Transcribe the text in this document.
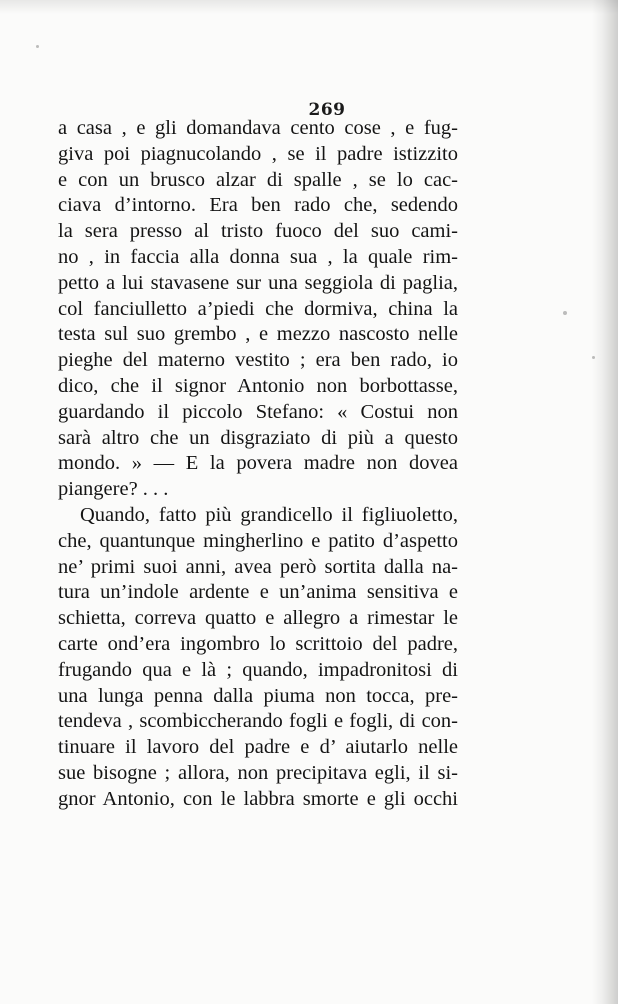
269
a casa , e gli domandava cento cose , e fug-
giva poi piagnucolando , se il padre istizzito
e con un brusco alzar di spalle , se lo cac-
ciava d’intorno. Era ben rado che, sedendo
la sera presso al tristo fuoco del suo cami-
no , in faccia alla donna sua , la quale rim-
petto a lui stavasene sur una seggiola di paglia,
col fanciulletto a’piedi che dormiva, china la
testa sul suo grembo , e mezzo nascosto nelle
pieghe del materno vestito ; era ben rado, io
dico, che il signor Antonio non borbottasse,
guardando il piccolo Stefano: « Costui non
sarà altro che un disgraziato di più a questo
mondo. » — E la povera madre non dovea
piangere? . . .
Quando, fatto più grandicello il figliuoletto,
che, quantunque mingherlino e patito d’aspetto
ne’ primi suoi anni, avea però sortita dalla na-
tura un’indole ardente e un’anima sensitiva e
schietta, correva quatto e allegro a rimestar le
carte ond’era ingombro lo scrittoio del padre,
frugando qua e là ; quando, impadronitosi di
una lunga penna dalla piuma non tocca, pre-
tendeva , scombiccherando fogli e fogli, di con-
tinuare il lavoro del padre e d’ aiutarlo nelle
sue bisogne ; allora, non precipitava egli, il si-
gnor Antonio, con le labbra smorte e gli occhi
